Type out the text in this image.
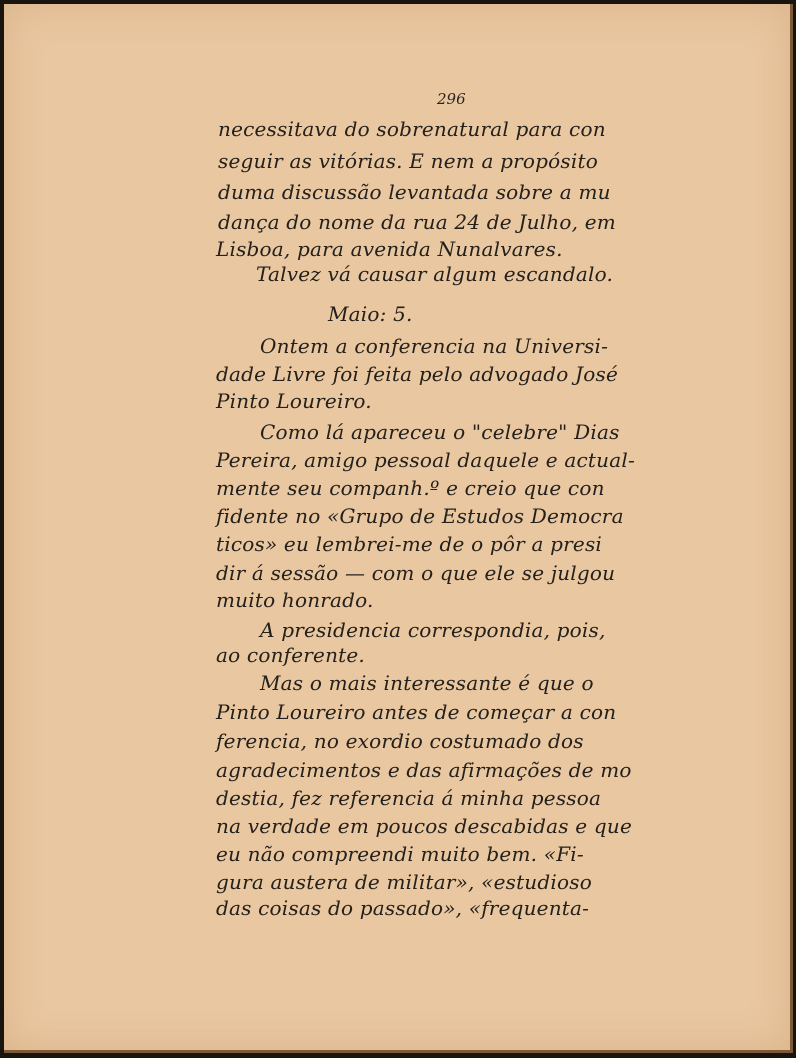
296
necessitava do sobrenatural para con
seguir as vitórias. E nem a propósito
duma discussão levantada sobre a mu
dança do nome da rua 24 de Julho, em
Lisboa, para avenida Nunalvares.
Talvez vá causar algum escandalo.
Maio: 5.
Ontem a conferencia na Universi-
dade Livre foi feita pelo advogado José
Pinto Loureiro.
Como lá apareceu o "celebre" Dias
Pereira, amigo pessoal daquele e actual-
mente seu companh.º e creio que con
fidente no «Grupo de Estudos Democra
ticos» eu lembrei-me de o pôr a presi
dir á sessão — com o que ele se julgou
muito honrado.
A presidencia correspondia, pois,
ao conferente.
Mas o mais interessante é que o
Pinto Loureiro antes de começar a con
ferencia, no exordio costumado dos
agradecimentos e das afirmações de mo
destia, fez referencia á minha pessoa
na verdade em poucos descabidas e que
eu não compreendi muito bem. «Fi-
gura austera de militar», «estudioso
das coisas do passado», «frequenta-
